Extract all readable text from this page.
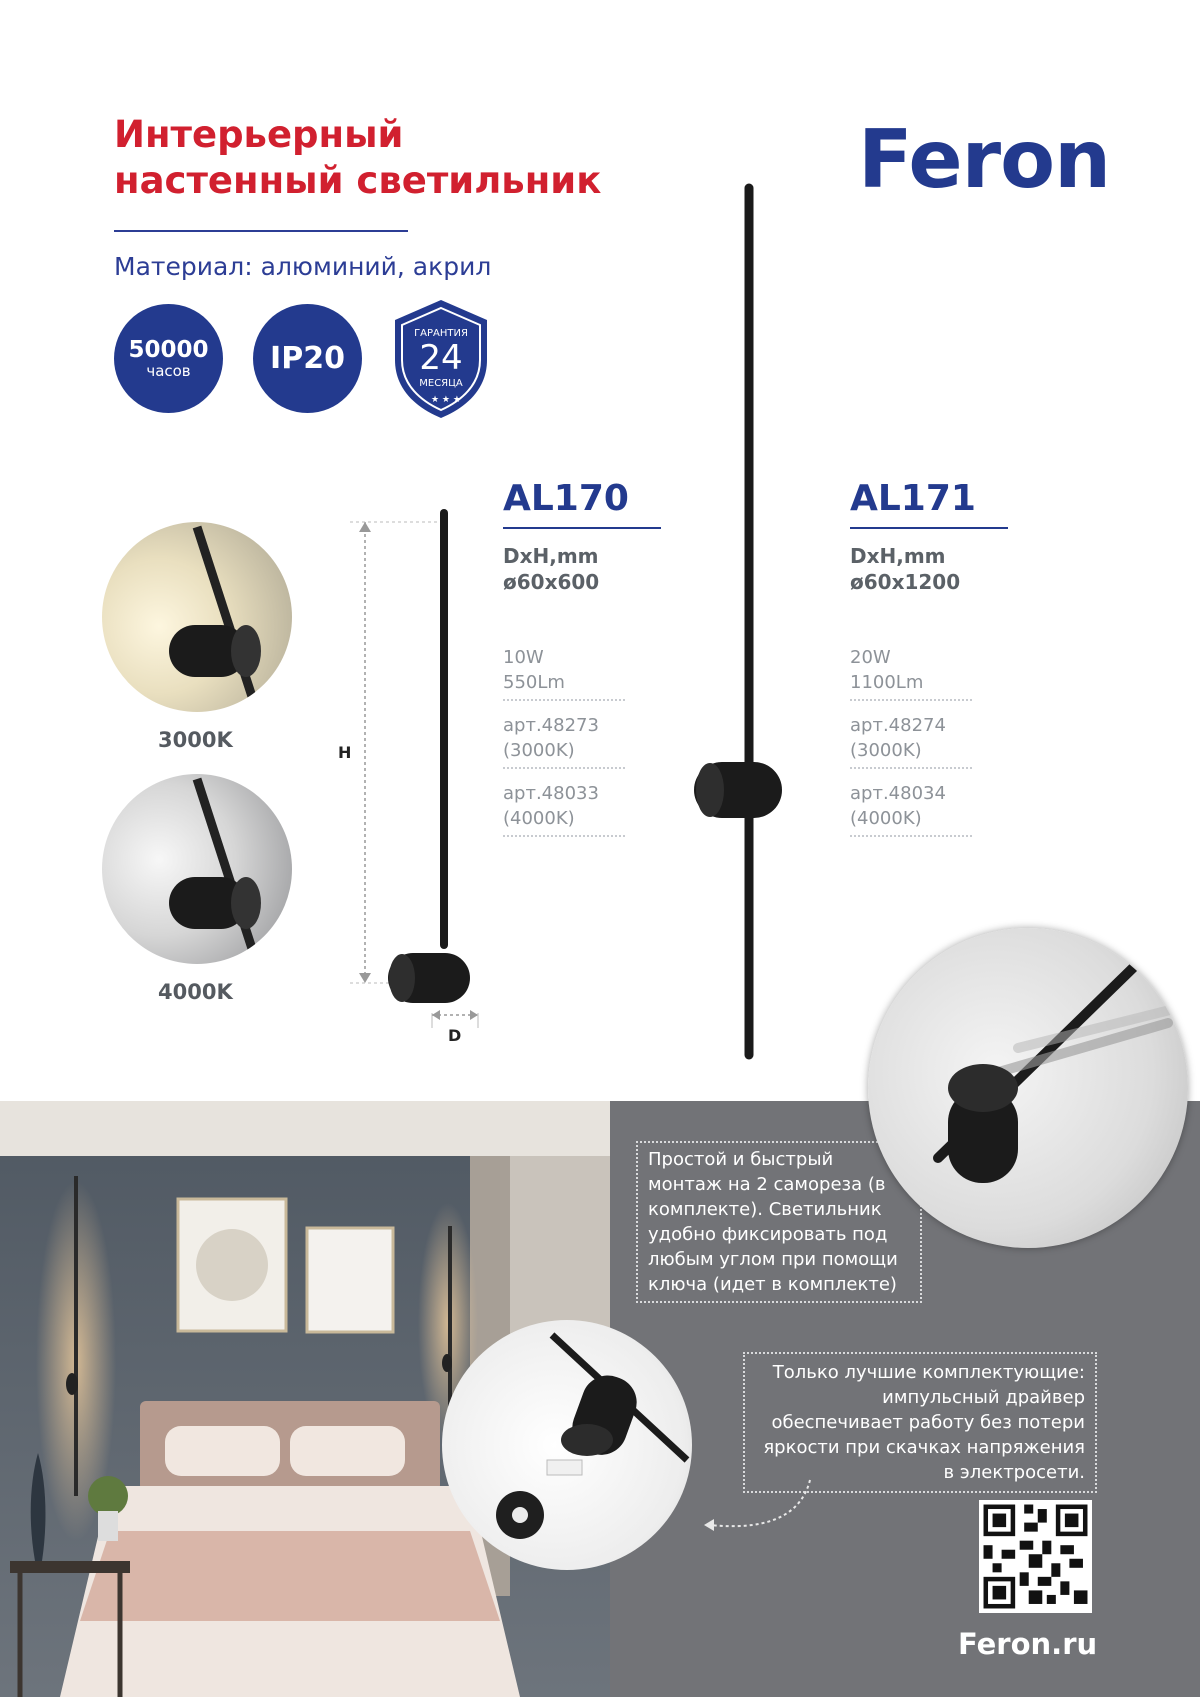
Интерьерный
настенный светильник
Материал: алюминий, акрил
Feron
50000
часов	IP20
★ ★ ★
ГАРАНТИЯ
24
МЕСЯЦА
3000K
4000K
H
D
AL170
DxH,mm
ø60x600
10W
550Lm
арт.48273
(3000K)
арт.48033
(4000K)
AL171
DxH,mm
ø60x1200
20W
1100Lm
арт.48274
(3000K)
арт.48034
(4000K)
Простой и быстрый монтаж на 2 самореза (в комплекте). Светильник удобно фиксировать под любым углом при помощи ключа (идет в комплекте)
Только лучшие комплектующие: импульсный драйвер обеспечивает работу без потери яркости при скачках напряжения в электросети.
Feron.ru
